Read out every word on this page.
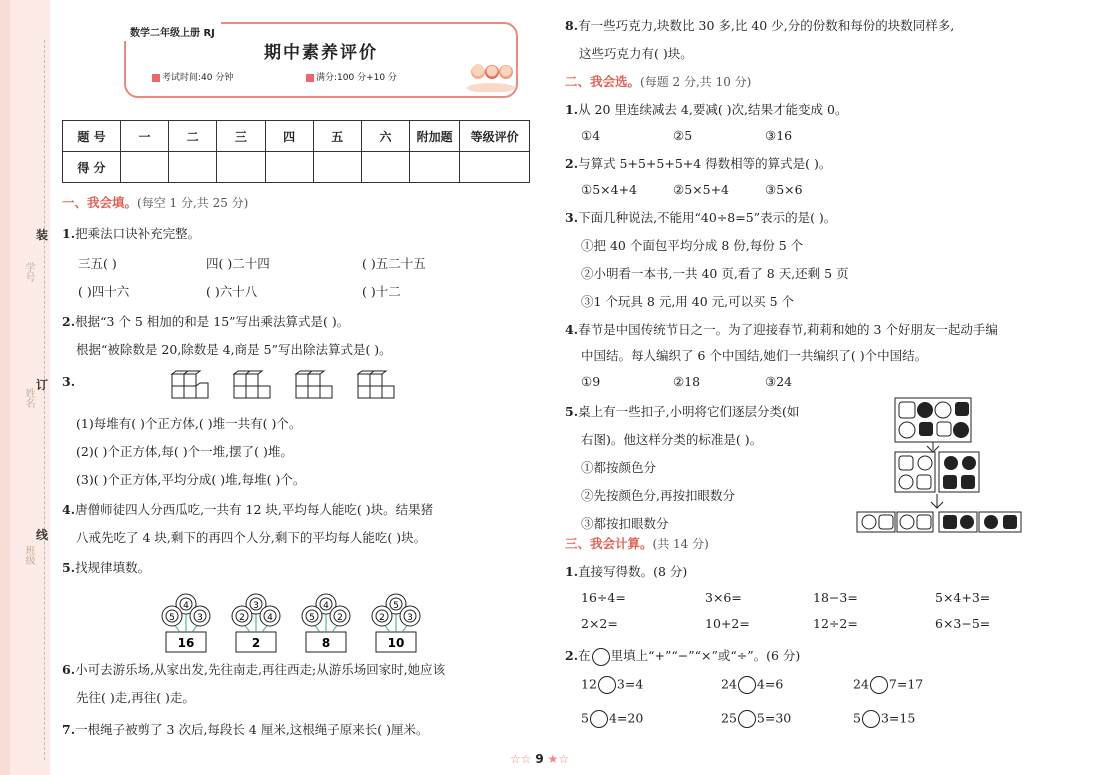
学号
姓名
班级
装
订
线
数学二年级上册 RJ
期中素养评价
考试时间:40 分钟	满分:100 分+10 分
题 号	一	二	三	四	五	六	附加题	等级评价
得 分								
一、我会填。(每空 1 分,共 25 分)
1.把乘法口诀补充完整。
三五( )	四( )二十四	( )五二十五
( )四十六	( )六十八	( )十二
2.根据“3 个 5 相加的和是 15”写出乘法算式是( )。
根据“被除数是 20,除数是 4,商是 5”写出除法算式是( )。
3.
(1)每堆有( )个正方体,( )堆一共有( )个。
(2)( )个正方体,每( )个一堆,摆了( )堆。
(3)( )个正方体,平均分成( )堆,每堆( )个。
4.唐僧师徒四人分西瓜吃,一共有 12 块,平均每人能吃( )块。结果猪
八戒先吃了 4 块,剩下的再四个人分,剩下的平均每人能吃( )块。
5.找规律填数。
4
5 3
16
3
2 4
2
4
5 2
8
5
2 3
10
6.小可去游乐场,从家出发,先往南走,再往西走;从游乐场回家时,她应该
先往( )走,再往( )走。
7.一根绳子被剪了 3 次后,每段长 4 厘米,这根绳子原来长( )厘米。
8.有一些巧克力,块数比 30 多,比 40 少,分的份数和每份的块数同样多,
这些巧克力有( )块。
二、我会选。(每题 2 分,共 10 分)
1.从 20 里连续减去 4,要减( )次,结果才能变成 0。
①4	②5	③16
2.与算式 5+5+5+5+4 得数相等的算式是( )。
①5×4+4	②5×5+4	③5×6
3.下面几种说法,不能用“40÷8=5”表示的是( )。
①把 40 个面包平均分成 8 份,每份 5 个
②小明看一本书,一共 40 页,看了 8 天,还剩 5 页
③1 个玩具 8 元,用 40 元,可以买 5 个
4.春节是中国传统节日之一。为了迎接春节,莉莉和她的 3 个好朋友一起动手编
中国结。每人编织了 6 个中国结,她们一共编织了( )个中国结。
①9	②18	③24
5.桌上有一些扣子,小明将它们逐层分类(如
右图)。他这样分类的标准是( )。
①都按颜色分
②先按颜色分,再按扣眼数分
③都按扣眼数分
三、我会计算。(共 14 分)
1.直接写得数。(8 分)
16÷4=	3×6=	18−3=	5×4+3=
2×2=	10+2=	12÷2=	6×3−5=
2.在 里填上“+”“−”“×”或“÷”。(6 分)
12 3=4	24 4=6	24 7=17
5 4=20	25 5=30	5 3=15
☆☆ 9 ★☆
